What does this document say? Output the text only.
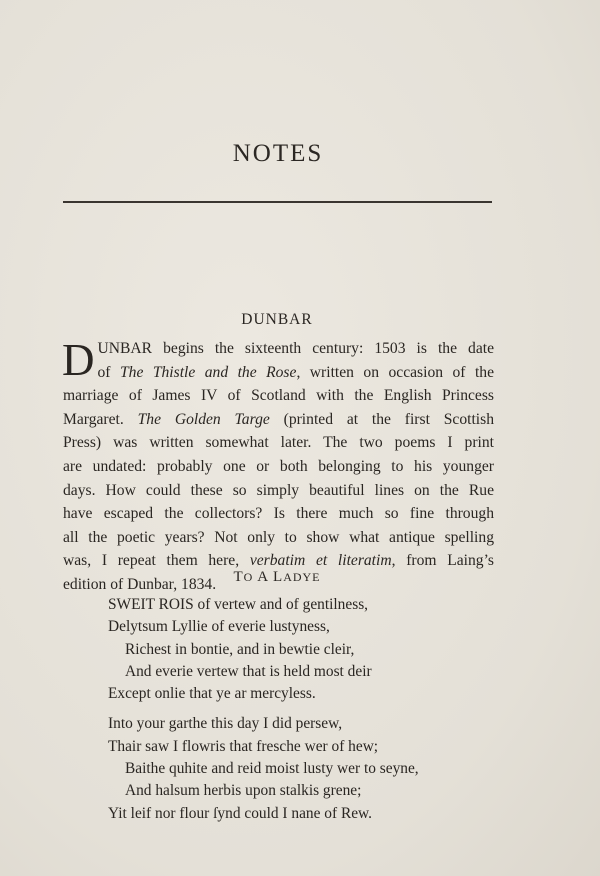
NOTES
DUNBAR
D UNBAR begins the sixteenth century: 1503 is the date
of The Thistle and the Rose, written on occasion of the
marriage of James IV of Scotland with the English Princess
Margaret. The Golden Targe (printed at the first Scottish
Press) was written somewhat later. The two poems I print
are undated: probably one or both belonging to his younger
days. How could these so simply beautiful lines on the Rue
have escaped the collectors? Is there much so fine through
all the poetic years? Not only to show what antique spelling
was, I repeat them here, verbatim et literatim, from Laing’s
edition of Dunbar, 1834.	TO A LADYE
SWEIT ROIS of vertew and of gentilness,
Delytsum Lyllie of everie lustyness,
Richest in bontie, and in bewtie cleir,
And everie vertew that is held most deir
Except onlie that ye ar mercyless.
Into your garthe this day I did persew,
Thair saw I flowris that fresche wer of hew;
Baithe quhite and reid moist lusty wer to seyne,
And halsum herbis upon stalkis grene;
Yit leif nor flour ſynd could I nane of Rew.
